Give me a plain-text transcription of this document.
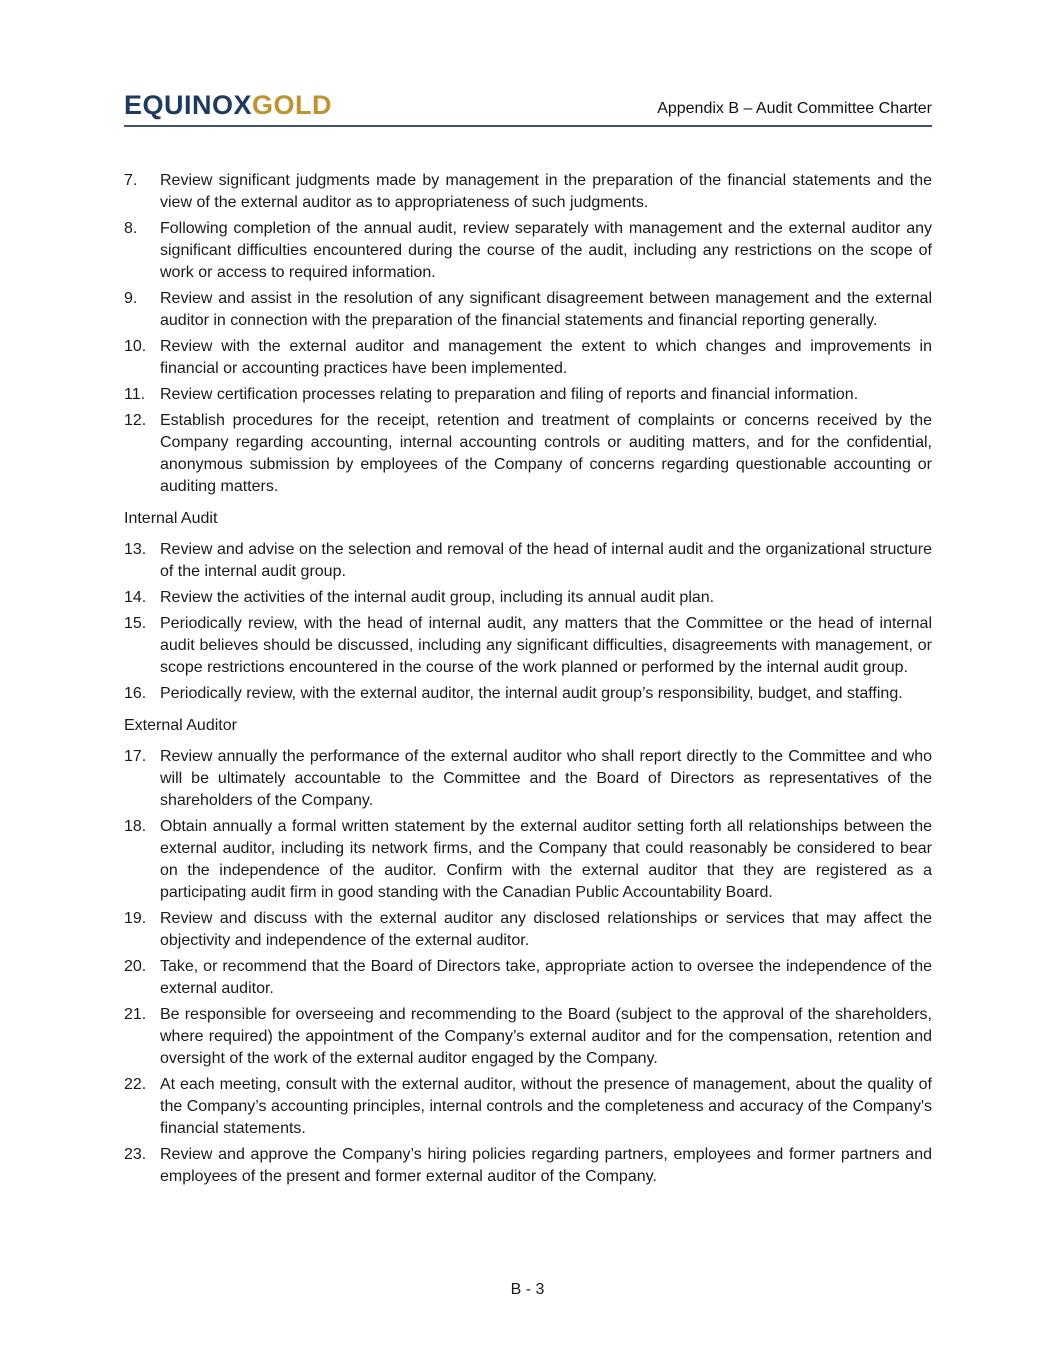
EQUINOXGOLD	Appendix B – Audit Committee Charter
7.	Review significant judgments made by management in the preparation of the financial statements and the view of the external auditor as to appropriateness of such judgments.
8.	Following completion of the annual audit, review separately with management and the external auditor any significant difficulties encountered during the course of the audit, including any restrictions on the scope of work or access to required information.
9.	Review and assist in the resolution of any significant disagreement between management and the external auditor in connection with the preparation of the financial statements and financial reporting generally.
10. Review with the external auditor and management the extent to which changes and improvements in financial or accounting practices have been implemented.
11. Review certification processes relating to preparation and filing of reports and financial information.
12. Establish procedures for the receipt, retention and treatment of complaints or concerns received by the Company regarding accounting, internal accounting controls or auditing matters, and for the confidential, anonymous submission by employees of the Company of concerns regarding questionable accounting or auditing matters.
Internal Audit
13. Review and advise on the selection and removal of the head of internal audit and the organizational structure of the internal audit group.
14. Review the activities of the internal audit group, including its annual audit plan.
15. Periodically review, with the head of internal audit, any matters that the Committee or the head of internal audit believes should be discussed, including any significant difficulties, disagreements with management, or scope restrictions encountered in the course of the work planned or performed by the internal audit group.
16. Periodically review, with the external auditor, the internal audit group’s responsibility, budget, and staffing.
External Auditor
17. Review annually the performance of the external auditor who shall report directly to the Committee and who will be ultimately accountable to the Committee and the Board of Directors as representatives of the shareholders of the Company.
18. Obtain annually a formal written statement by the external auditor setting forth all relationships between the external auditor, including its network firms, and the Company that could reasonably be considered to bear on the independence of the auditor. Confirm with the external auditor that they are registered as a participating audit firm in good standing with the Canadian Public Accountability Board.
19. Review and discuss with the external auditor any disclosed relationships or services that may affect the objectivity and independence of the external auditor.
20. Take, or recommend that the Board of Directors take, appropriate action to oversee the independence of the external auditor.
21. Be responsible for overseeing and recommending to the Board (subject to the approval of the shareholders, where required) the appointment of the Company’s external auditor and for the compensation, retention and oversight of the work of the external auditor engaged by the Company.
22. At each meeting, consult with the external auditor, without the presence of management, about the quality of the Company’s accounting principles, internal controls and the completeness and accuracy of the Company's financial statements.
23. Review and approve the Company’s hiring policies regarding partners, employees and former partners and employees of the present and former external auditor of the Company.
B - 3
